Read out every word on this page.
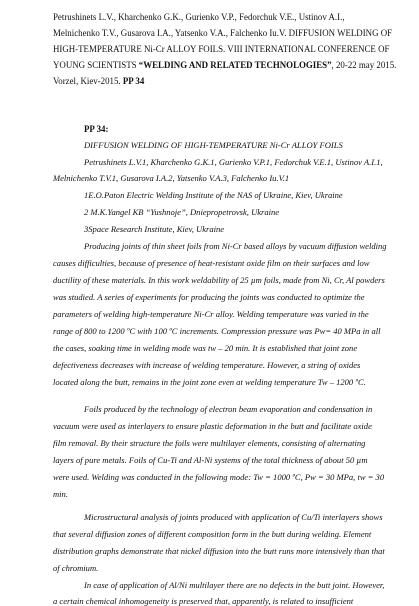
Petrushinets L.V., Kharchenko G.K., Gurienko V.P., Fedorchuk V.E., Ustinov A.I.,
Melnichenko T.V., Gusarova I.A., Yatsenko V.A., Falchenko Iu.V. DIFFUSION WELDING OF
HIGH-TEMPERATURE Ni-Cr ALLOY FOILS. VIII INTERNATIONAL CONFERENCE OF
YOUNG SCIENTISTS “WELDING AND RELATED TECHNOLOGIES”, 20-22 may 2015.
Vorzel, Kiev-2015. PP 34
PP 34:
DIFFUSION WELDING OF HIGH-TEMPERATURE Ni-Cr ALLOY FOILS
Petrushinets L.V.1, Kharchenko G.K.1, Gurienko V.P.1, Fedorchuk V.E.1, Ustinov A.I.1,
Melnichenko T.V.1, Gusarova I.A.2, Yatsenko V.A.3, Falchenko Iu.V.1
1E.O.Paton Electric Welding Institute of the NAS of Ukraine, Kiev, Ukraine
2 M.K.Yangel KB “Yushnoje”, Dniepropetrovsk, Ukraine
3Space Research Institute, Kiev, Ukraine
Producing joints of thin sheet foils from Ni-Cr based alloys by vacuum diffusion welding
causes difficulties, because of presence of heat-resistant oxide film on their surfaces and low
ductility of these materials. In this work weldability of 25 µm foils, made from Ni, Cr, Al powders
was studied. A series of experiments for producing the joints was conducted to optimize the
parameters of welding high-temperature Ni-Cr alloy. Welding temperature was varied in the
range of 800 to 1200 ºC with 100 ºC increments. Compression pressure was Pw= 40 MPa in all
the cases, soaking time in welding mode was tw – 20 min. It is established that joint zone
defectiveness decreases with increase of welding temperature. However, a string of oxides
located along the butt, remains in the joint zone even at welding temperature Tw – 1200 ºC.
Foils produced by the technology of electron beam evaporation and condensation in
vacuum were used as interlayers to ensure plastic deformation in the butt and facilitate oxide
film removal. By their structure the foils were multilayer elements, consisting of alternating
layers of pure metals. Foils of Cu-Ti and Al-Ni systems of the total thickness of about 50 µm
were used. Welding was conducted in the following mode: Tw = 1000 ºC, Pw = 30 MPa, tw = 30
min.
Microstructural analysis of joints produced with application of Cu/Ti interlayers shows
that several diffusion zones of different composition form in the butt during welding. Element
distribution graphs demonstrate that nickel diffusion into the butt runs more intensively than that
of chromium.
In case of application of Al/Ni multilayer there are no defects in the butt joint. However,
a certain chemical inhomogeneity is preserved that, apparently, is related to insufficient
